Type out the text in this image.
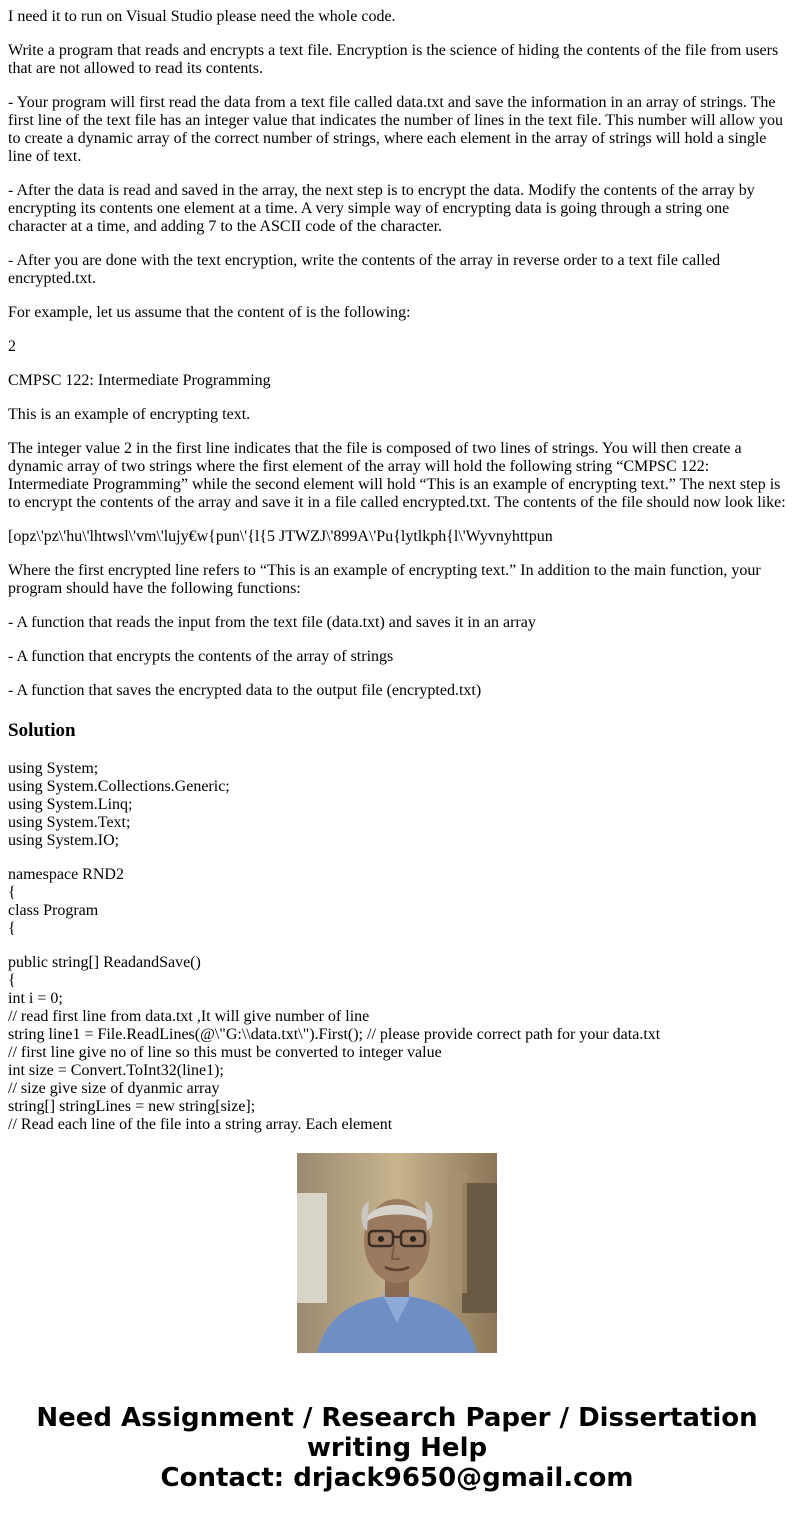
I need it to run on Visual Studio please need the whole code.

Write a program that reads and encrypts a text file. Encryption is the science of hiding the contents of the file from users that are not allowed to read its contents.

- Your program will first read the data from a text file called data.txt and save the information in an array of strings. The first line of the text file has an integer value that indicates the number of lines in the text file. This number will allow you to create a dynamic array of the correct number of strings, where each element in the array of strings will hold a single line of text.

- After the data is read and saved in the array, the next step is to encrypt the data. Modify the contents of the array by encrypting its contents one element at a time. A very simple way of encrypting data is going through a string one character at a time, and adding 7 to the ASCII code of the character.

- After you are done with the text encryption, write the contents of the array in reverse order to a text file called encrypted.txt.

For example, let us assume that the content of is the following:

2

CMPSC 122: Intermediate Programming

This is an example of encrypting text.

The integer value 2 in the first line indicates that the file is composed of two lines of strings. You will then create a dynamic array of two strings where the first element of the array will hold the following string “CMPSC 122: Intermediate Programming” while the second element will hold “This is an example of encrypting text.” The next step is to encrypt the contents of the array and save it in a file called encrypted.txt. The contents of the file should now look like:

[opz\'pz\'hu\'lhtwsl\'vm\'lujy€w{pun\'{l{5 JTWZJ\'899A\'Pu{lytlkph{l\'Wyvnyhttpun

Where the first encrypted line refers to “This is an example of encrypting text.” In addition to the main function, your program should have the following functions:

- A function that reads the input from the text file (data.txt) and saves it in an array

- A function that encrypts the contents of the array of strings

- A function that saves the encrypted data to the output file (encrypted.txt)

Solution
using System;
using System.Collections.Generic;
using System.Linq;
using System.Text;
using System.IO;
namespace RND2
{
class Program
{
public string[] ReadandSave()
{
int i = 0;
// read first line from data.txt ,It will give number of line
string line1 = File.ReadLines(@\"G:\\data.txt\").First(); // please provide correct path for your data.txt
// first line give no of line so this must be converted to integer value
int size = Convert.ToInt32(line1);
// size give size of dyanmic array
string[] stringLines = new string[size];
// Read each line of the file into a string array. Each element
Need Assignment / Research Paper / Dissertation
writing Help
Contact: drjack9650@gmail.com
